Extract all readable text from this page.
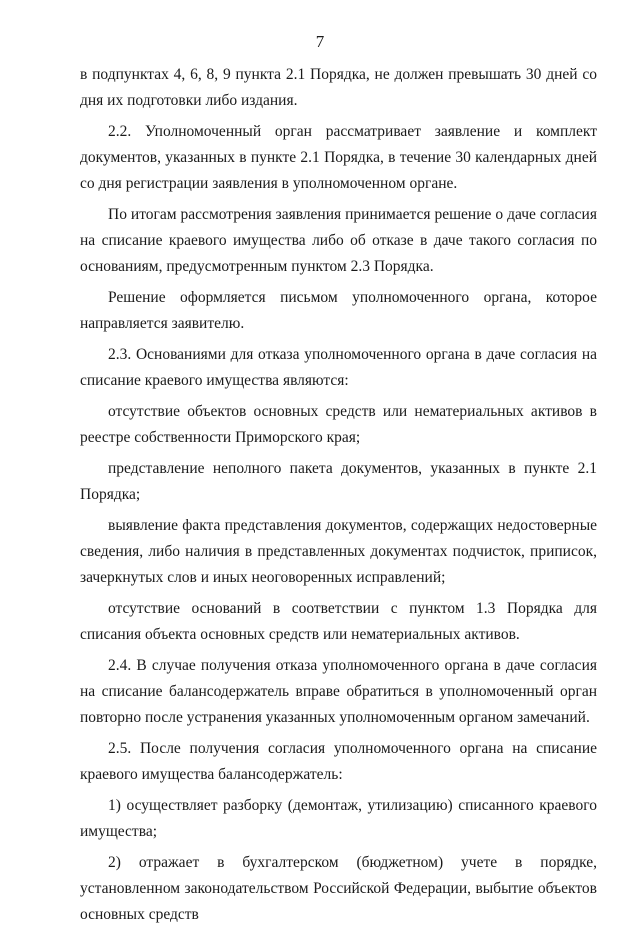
7

в подпунктах 4, 6, 8, 9 пункта 2.1 Порядка, не должен превышать 30 дней со дня их подготовки либо издания.

2.2. Уполномоченный орган рассматривает заявление и комплект документов, указанных в пункте 2.1 Порядка, в течение 30 календарных дней со дня регистрации заявления в уполномоченном органе.

По итогам рассмотрения заявления принимается решение о даче согласия на списание краевого имущества либо об отказе в даче такого согласия по основаниям, предусмотренным пунктом 2.3 Порядка.

Решение оформляется письмом уполномоченного органа, которое направляется заявителю.

2.3. Основаниями для отказа уполномоченного органа в даче согласия на списание краевого имущества являются:

отсутствие объектов основных средств или нематериальных активов в реестре собственности Приморского края;

представление неполного пакета документов, указанных в пункте 2.1 Порядка;

выявление факта представления документов, содержащих недостоверные сведения, либо наличия в представленных документах подчисток, приписок, зачеркнутых слов и иных неоговоренных исправлений;

отсутствие оснований в соответствии с пунктом 1.3 Порядка для списания объекта основных средств или нематериальных активов.

2.4. В случае получения отказа уполномоченного органа в даче согласия на списание балансодержатель вправе обратиться в уполномоченный орган повторно после устранения указанных уполномоченным органом замечаний.

2.5. После получения согласия уполномоченного органа на списание краевого имущества балансодержатель:

1) осуществляет разборку (демонтаж, утилизацию) списанного краевого имущества;

2) отражает в бухгалтерском (бюджетном) учете в порядке, установленном законодательством Российской Федерации, выбытие объектов основных средств
